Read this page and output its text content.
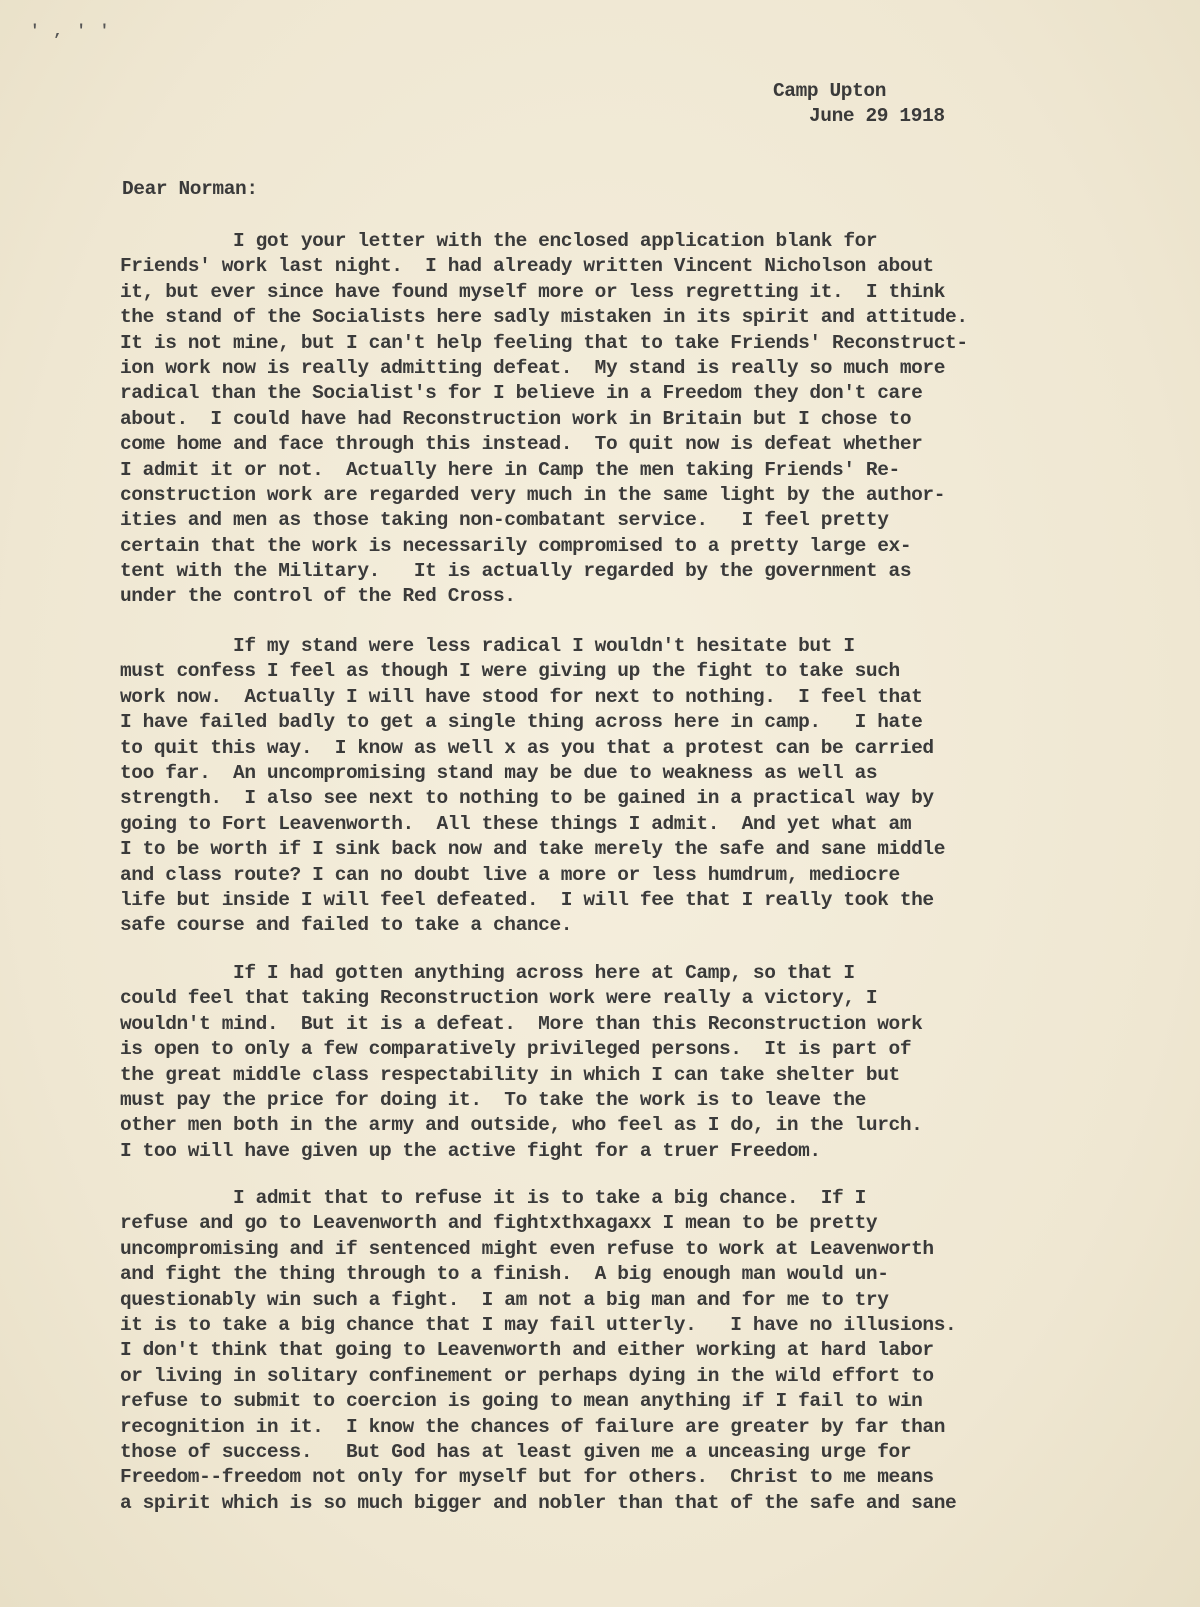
' , ' '
Camp Upton
June 29 1918
Dear Norman:
I got your letter with the enclosed application blank for
Friends' work last night.  I had already written Vincent Nicholson about
it, but ever since have found myself more or less regretting it.  I think
the stand of the Socialists here sadly mistaken in its spirit and attitude.
It is not mine, but I can't help feeling that to take Friends' Reconstruct-
ion work now is really admitting defeat.  My stand is really so much more
radical than the Socialist's for I believe in a Freedom they don't care
about.  I could have had Reconstruction work in Britain but I chose to
come home and face through this instead.  To quit now is defeat whether
I admit it or not.  Actually here in Camp the men taking Friends' Re-
construction work are regarded very much in the same light by the author-
ities and men as those taking non-combatant service.   I feel pretty
certain that the work is necessarily compromised to a pretty large ex-
tent with the Military.   It is actually regarded by the government as
under the control of the Red Cross.
If my stand were less radical I wouldn't hesitate but I
must confess I feel as though I were giving up the fight to take such
work now.  Actually I will have stood for next to nothing.  I feel that
I have failed badly to get a single thing across here in camp.   I hate
to quit this way.  I know as well x as you that a protest can be carried
too far.  An uncompromising stand may be due to weakness as well as
strength.  I also see next to nothing to be gained in a practical way by
going to Fort Leavenworth.  All these things I admit.  And yet what am
I to be worth if I sink back now and take merely the safe and sane middle
and class route? I can no doubt live a more or less humdrum, mediocre
life but inside I will feel defeated.  I will fee that I really took the
safe course and failed to take a chance.
If I had gotten anything across here at Camp, so that I
could feel that taking Reconstruction work were really a victory, I
wouldn't mind.  But it is a defeat.  More than this Reconstruction work
is open to only a few comparatively privileged persons.  It is part of
the great middle class respectability in which I can take shelter but
must pay the price for doing it.  To take the work is to leave the
other men both in the army and outside, who feel as I do, in the lurch.
I too will have given up the active fight for a truer Freedom.
I admit that to refuse it is to take a big chance.  If I
refuse and go to Leavenworth and fightxthxagaxx I mean to be pretty
uncompromising and if sentenced might even refuse to work at Leavenworth
and fight the thing through to a finish.  A big enough man would un-
questionably win such a fight.  I am not a big man and for me to try
it is to take a big chance that I may fail utterly.   I have no illusions.
I don't think that going to Leavenworth and either working at hard labor
or living in solitary confinement or perhaps dying in the wild effort to
refuse to submit to coercion is going to mean anything if I fail to win
recognition in it.  I know the chances of failure are greater by far than
those of success.   But God has at least given me a unceasing urge for
Freedom--freedom not only for myself but for others.  Christ to me means
a spirit which is so much bigger and nobler than that of the safe and sane
